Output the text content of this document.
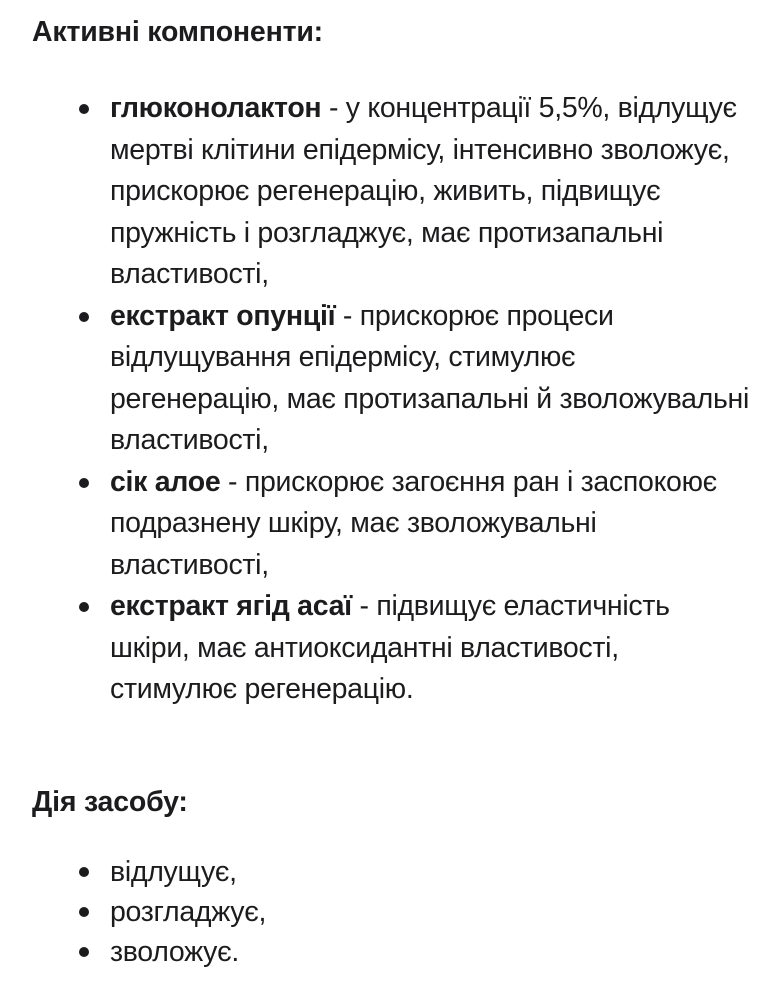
Активні компоненти:
глюконолактон - у концентрації 5,5%, відлущує мертві клітини епідермісу, інтенсивно зволожує, прискорює регенерацію, живить, підвищує пружність і розгладжує, має протизапальні властивості,
екстракт опунції - прискорює процеси відлущування епідермісу, стимулює регенерацію, має протизапальні й зволожувальні властивості,
сік алое - прискорює загоєння ран і заспокоює подразнену шкіру, має зволожувальні властивості,
екстракт ягід асаї - підвищує еластичність шкіри, має антиоксидантні властивості, стимулює регенерацію.
Дія засобу:
відлущує,
розгладжує,
зволожує.
